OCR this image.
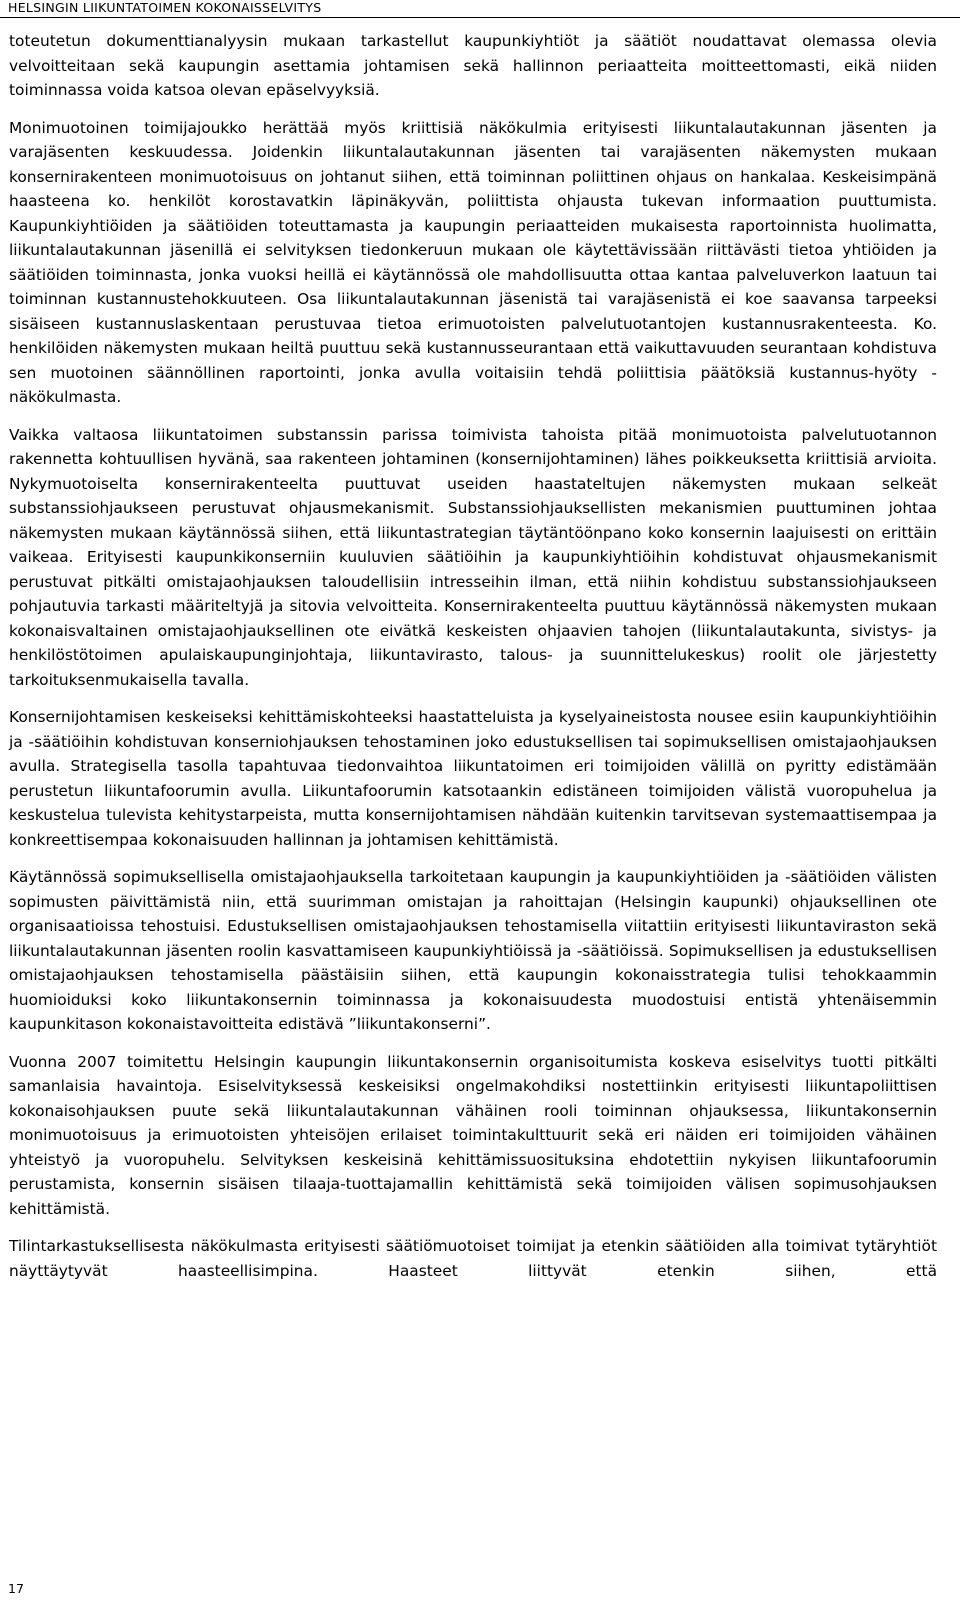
HELSINGIN LIIKUNTATOIMEN KOKONAISSELVITYS

toteutetun dokumenttianalyysin mukaan tarkastellut kaupunkiyhtiöt ja säätiöt noudattavat olemassa olevia velvoitteitaan sekä kaupungin asettamia johtamisen sekä hallinnon periaatteita moitteettomasti, eikä niiden toiminnassa voida katsoa olevan epäselvyyksiä.

Monimuotoinen toimijajoukko herättää myös kriittisiä näkökulmia erityisesti liikuntalautakunnan jäsenten ja varajäsenten keskuudessa. Joidenkin liikuntalautakunnan jäsenten tai varajäsenten näkemysten mukaan konsernirakenteen monimuotoisuus on johtanut siihen, että toiminnan poliittinen ohjaus on hankalaa. Keskeisimpänä haasteena ko. henkilöt korostavatkin läpinäkyvän, poliittista ohjausta tukevan informaation puuttumista. Kaupunkiyhtiöiden ja säätiöiden toteuttamasta ja kaupungin periaatteiden mukaisesta raportoinnista huolimatta, liikuntalautakunnan jäsenillä ei selvityksen tiedonkeruun mukaan ole käytettävissään riittävästi tietoa yhtiöiden ja säätiöiden toiminnasta, jonka vuoksi heillä ei käytännössä ole mahdollisuutta ottaa kantaa palveluverkon laatuun tai toiminnan kustannustehokkuuteen. Osa liikuntalautakunnan jäsenistä tai varajäsenistä ei koe saavansa tarpeeksi sisäiseen kustannuslaskentaan perustuvaa tietoa erimuotoisten palvelutuotantojen kustannusrakenteesta. Ko. henkilöiden näkemysten mukaan heiltä puuttuu sekä kustannusseurantaan että vaikuttavuuden seurantaan kohdistuva sen muotoinen säännöllinen raportointi, jonka avulla voitaisiin tehdä poliittisia päätöksiä kustannus-hyöty -näkökulmasta.

Vaikka valtaosa liikuntatoimen substanssin parissa toimivista tahoista pitää monimuotoista palvelutuotannon rakennetta kohtuullisen hyvänä, saa rakenteen johtaminen (konsernijohtaminen) lähes poikkeuksetta kriittisiä arvioita. Nykymuotoiselta konsernirakenteelta puuttuvat useiden haastateltujen näkemysten mukaan selkeät substanssiohjaukseen perustuvat ohjausmekanismit. Substanssiohjauksellisten mekanismien puuttuminen johtaa näkemysten mukaan käytännössä siihen, että liikuntastrategian täytäntöönpano koko konsernin laajuisesti on erittäin vaikeaa. Erityisesti kaupunkikonserniin kuuluvien säätiöihin ja kaupunkiyhtiöihin kohdistuvat ohjausmekanismit perustuvat pitkälti omistajaohjauksen taloudellisiin intresseihin ilman, että niihin kohdistuu substanssiohjaukseen pohjautuvia tarkasti määriteltyjä ja sitovia velvoitteita. Konsernirakenteelta puuttuu käytännössä näkemysten mukaan kokonaisvaltainen omistajaohjauksellinen ote eivätkä keskeisten ohjaavien tahojen (liikuntalautakunta, sivistys- ja henkilöstötoimen apulaiskaupunginjohtaja, liikuntavirasto, talous- ja suunnittelukeskus) roolit ole järjestetty tarkoituksenmukaisella tavalla.

Konsernijohtamisen keskeiseksi kehittämiskohteeksi haastatteluista ja kyselyaineistosta nousee esiin kaupunkiyhtiöihin ja -säätiöihin kohdistuvan konserniohjauksen tehostaminen joko edustuksellisen tai sopimuksellisen omistajaohjauksen avulla. Strategisella tasolla tapahtuvaa tiedonvaihtoa liikuntatoimen eri toimijoiden välillä on pyritty edistämään perustetun liikuntafoorumin avulla. Liikuntafoorumin katsotaankin edistäneen toimijoiden välistä vuoropuhelua ja keskustelua tulevista kehitystarpeista, mutta konsernijohtamisen nähdään kuitenkin tarvitsevan systemaattisempaa ja konkreettisempaa kokonaisuuden hallinnan ja johtamisen kehittämistä.

Käytännössä sopimuksellisella omistajaohjauksella tarkoitetaan kaupungin ja kaupunkiyhtiöiden ja -säätiöiden välisten sopimusten päivittämistä niin, että suurimman omistajan ja rahoittajan (Helsingin kaupunki) ohjauksellinen ote organisaatioissa tehostuisi. Edustuksellisen omistajaohjauksen tehostamisella viitattiin erityisesti liikuntaviraston sekä liikuntalautakunnan jäsenten roolin kasvattamiseen kaupunkiyhtiöissä ja -säätiöissä. Sopimuksellisen ja edustuksellisen omistajaohjauksen tehostamisella päästäisiin siihen, että kaupungin kokonaisstrategia tulisi tehokkaammin huomioiduksi koko liikuntakonsernin toiminnassa ja kokonaisuudesta muodostuisi entistä yhtenäisemmin kaupunkitason kokonaistavoitteita edistävä ”liikuntakonserni”.

Vuonna 2007 toimitettu Helsingin kaupungin liikuntakonsernin organisoitumista koskeva esiselvitys tuotti pitkälti samanlaisia havaintoja. Esiselvityksessä keskeisiksi ongelmakohdiksi nostettiinkin erityisesti liikuntapoliittisen kokonaisohjauksen puute sekä liikuntalautakunnan vähäinen rooli toiminnan ohjauksessa, liikuntakonsernin monimuotoisuus ja erimuotoisten yhteisöjen erilaiset toimintakulttuurit sekä eri näiden eri toimijoiden vähäinen yhteistyö ja vuoropuhelu. Selvityksen keskeisinä kehittämissuosituksina ehdotettiin nykyisen liikuntafoorumin perustamista, konsernin sisäisen tilaaja-tuottajamallin kehittämistä sekä toimijoiden välisen sopimusohjauksen kehittämistä.

Tilintarkastuksellisesta näkökulmasta erityisesti säätiömuotoiset toimijat ja etenkin säätiöiden alla toimivat tytäryhtiöt näyttäytyvät haasteellisimpina. Haasteet liittyvät etenkin siihen, että

17
